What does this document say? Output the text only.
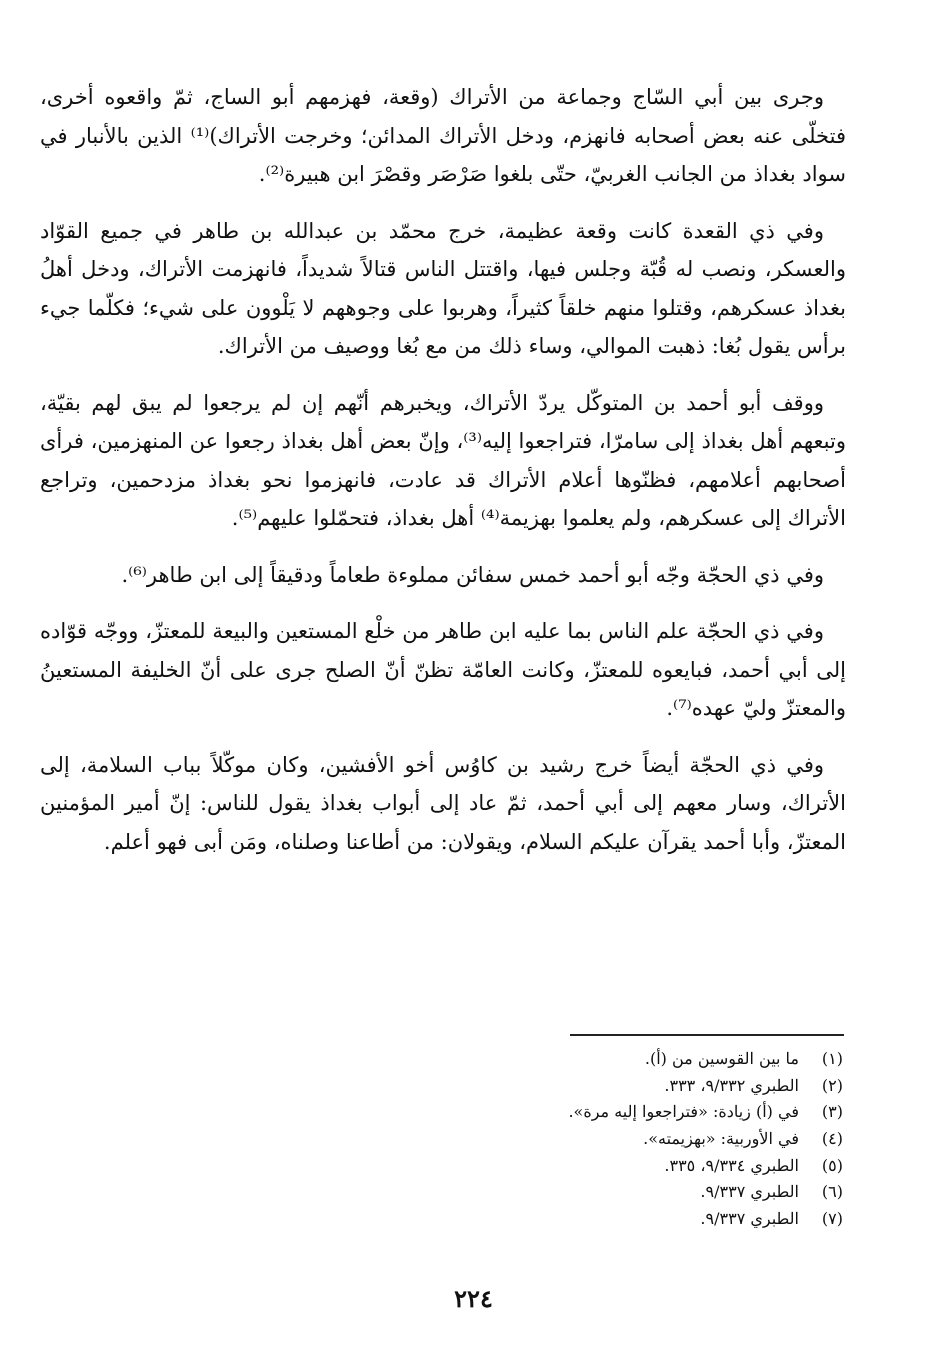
وجرى بين أبي السّاج وجماعة من الأتراك (وقعة، فهزمهم أبو الساج، ثمّ واقعوه أخرى، فتخلّى عنه بعض أصحابه فانهزم، ودخل الأتراك المدائن؛ وخرجت الأتراك)⁽¹⁾ الذين بالأنبار في سواد بغداذ من الجانب الغربيّ، حتّى بلغوا صَرْصَر وقصْرَ ابن هبيرة⁽²⁾.

وفي ذي القعدة كانت وقعة عظيمة، خرج محمّد بن عبدالله بن طاهر في جميع القوّاد والعسكر، ونصب له قُبّة وجلس فيها، واقتتل الناس قتالاً شديداً، فانهزمت الأتراك، ودخل أهلُ بغداذ عسكرهم، وقتلوا منهم خلقاً كثيراً، وهربوا على وجوههم لا يَلْوون على شيء؛ فكلّما جيء برأس يقول بُغا: ذهبت الموالي، وساء ذلك من مع بُغا ووصيف من الأتراك.

ووقف أبو أحمد بن المتوكّل يردّ الأتراك، ويخبرهم أنّهم إن لم يرجعوا لم يبق لهم بقيّة، وتبعهم أهل بغداذ إلى سامرّا، فتراجعوا إليه⁽³⁾، وإنّ بعض أهل بغداذ رجعوا عن المنهزمين، فرأى أصحابهم أعلامهم، فظنّوها أعلام الأتراك قد عادت، فانهزموا نحو بغداذ مزدحمين، وتراجع الأتراك إلى عسكرهم، ولم يعلموا بهزيمة⁽⁴⁾ أهل بغداذ، فتحمّلوا عليهم⁽⁵⁾.

وفي ذي الحجّة وجّه أبو أحمد خمس سفائن مملوءة طعاماً ودقيقاً إلى ابن طاهر⁽⁶⁾.

وفي ذي الحجّة علم الناس بما عليه ابن طاهر من خلْع المستعين والبيعة للمعتزّ، ووجّه قوّاده إلى أبي أحمد، فبايعوه للمعتزّ، وكانت العامّة تظنّ أنّ الصلح جرى على أنّ الخليفة المستعينُ والمعتزّ وليّ عهده⁽⁷⁾.

وفي ذي الحجّة أيضاً خرج رشيد بن كاوُس أخو الأفشين، وكان موكّلاً بباب السلامة، إلى الأتراك، وسار معهم إلى أبي أحمد، ثمّ عاد إلى أبواب بغداذ يقول للناس: إنّ أمير المؤمنين المعتزّ، وأبا أحمد يقرآن عليكم السلام، ويقولان: من أطاعنا وصلناه، ومَن أبى فهو أعلم.

(١)ما بين القوسين من (أ).
(٢)الطبري ٩/٣٣٢، ٣٣٣.
(٣)في (أ) زيادة: «فتراجعوا إليه مرة».
(٤)في الأوربية: «بهزيمته».
(٥)الطبري ٩/٣٣٤، ٣٣٥.
(٦)الطبري ٩/٣٣٧.
(٧)الطبري ٩/٣٣٧.
٢٢٤
